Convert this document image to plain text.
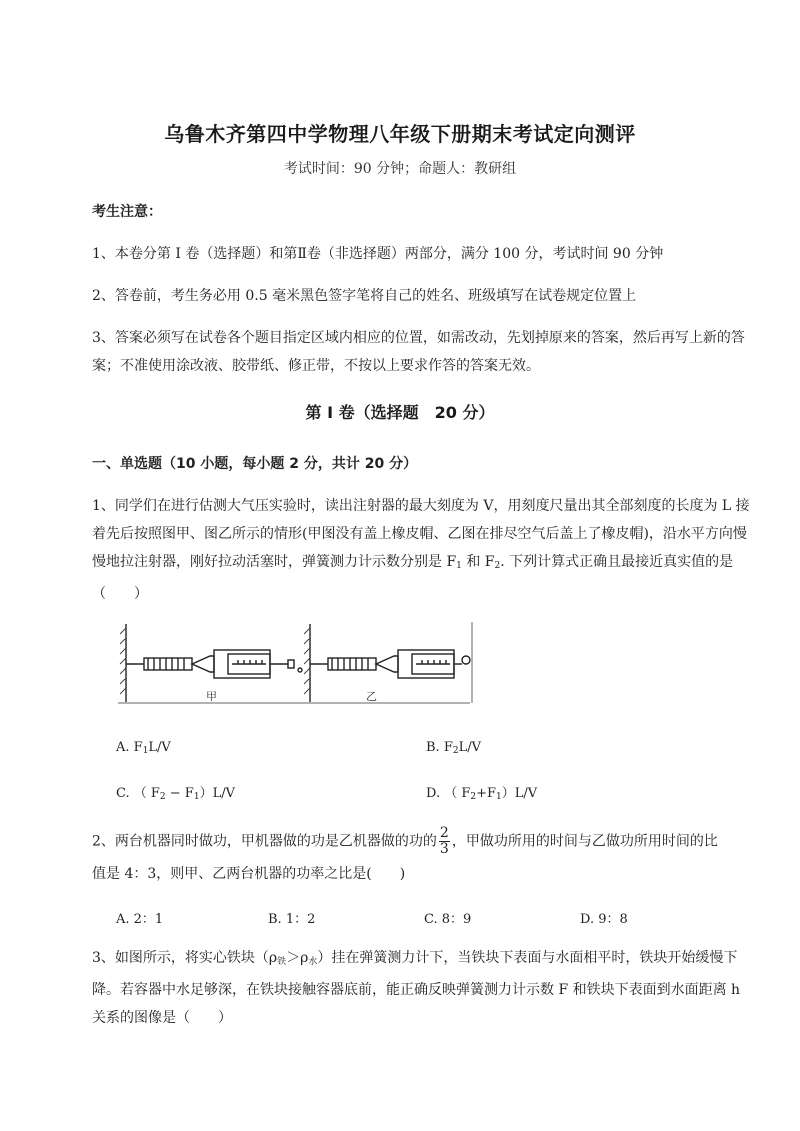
乌鲁木齐第四中学物理八年级下册期末考试定向测评
考试时间：90 分钟；命题人：教研组
考生注意：
1、本卷分第 I 卷（选择题）和第Ⅱ卷（非选择题）两部分，满分 100 分，考试时间 90 分钟
2、答卷前，考生务必用 0.5 毫米黑色签字笔将自己的姓名、班级填写在试卷规定位置上
3、答案必须写在试卷各个题目指定区域内相应的位置，如需改动，先划掉原来的答案，然后再写上新的答案；不准使用涂改液、胶带纸、修正带，不按以上要求作答的答案无效。
第 I 卷（选择题　20 分）
一、单选题（10 小题，每小题 2 分，共计 20 分）
1、同学们在进行估测大气压实验时，读出注射器的最大刻度为 V，用刻度尺量出其全部刻度的长度为 L 接着先后按照图甲、图乙所示的情形(甲图没有盖上橡皮帽、乙图在排尽空气后盖上了橡皮帽)，沿水平方向慢慢地拉注射器，刚好拉动活塞时，弹簧测力计示数分别是 $F_1$ 和 $F_2$. 下列计算式正确且最接近真实值的是（　　）
甲	乙
A. $F_1L/V$	B. $F_2L/V$
C. （ $F_2 - F_1)L/V$	D. （ $F_2+F_1)L/V$
2、两台机器同时做功，甲机器做的功是乙机器做的功的 $\frac{2}{3}$ ，甲做功所用的时间与乙做功所用时间的比
值是 4：3，则甲、乙两台机器的功率之比是(　　)
A. 2：1	B. 1：2	C. 8：9	D. 9：8
3、如图所示，将实心铁块$(\rho_铁>\rho_水)$挂在弹簧测力计下，当铁块下表面与水面相平时，铁块开始缓慢下降。若容器中水足够深，在铁块接触容器底前，能正确反映弹簧测力计示数 F 和铁块下表面到水面距离 h 关系的图像是（　　）
